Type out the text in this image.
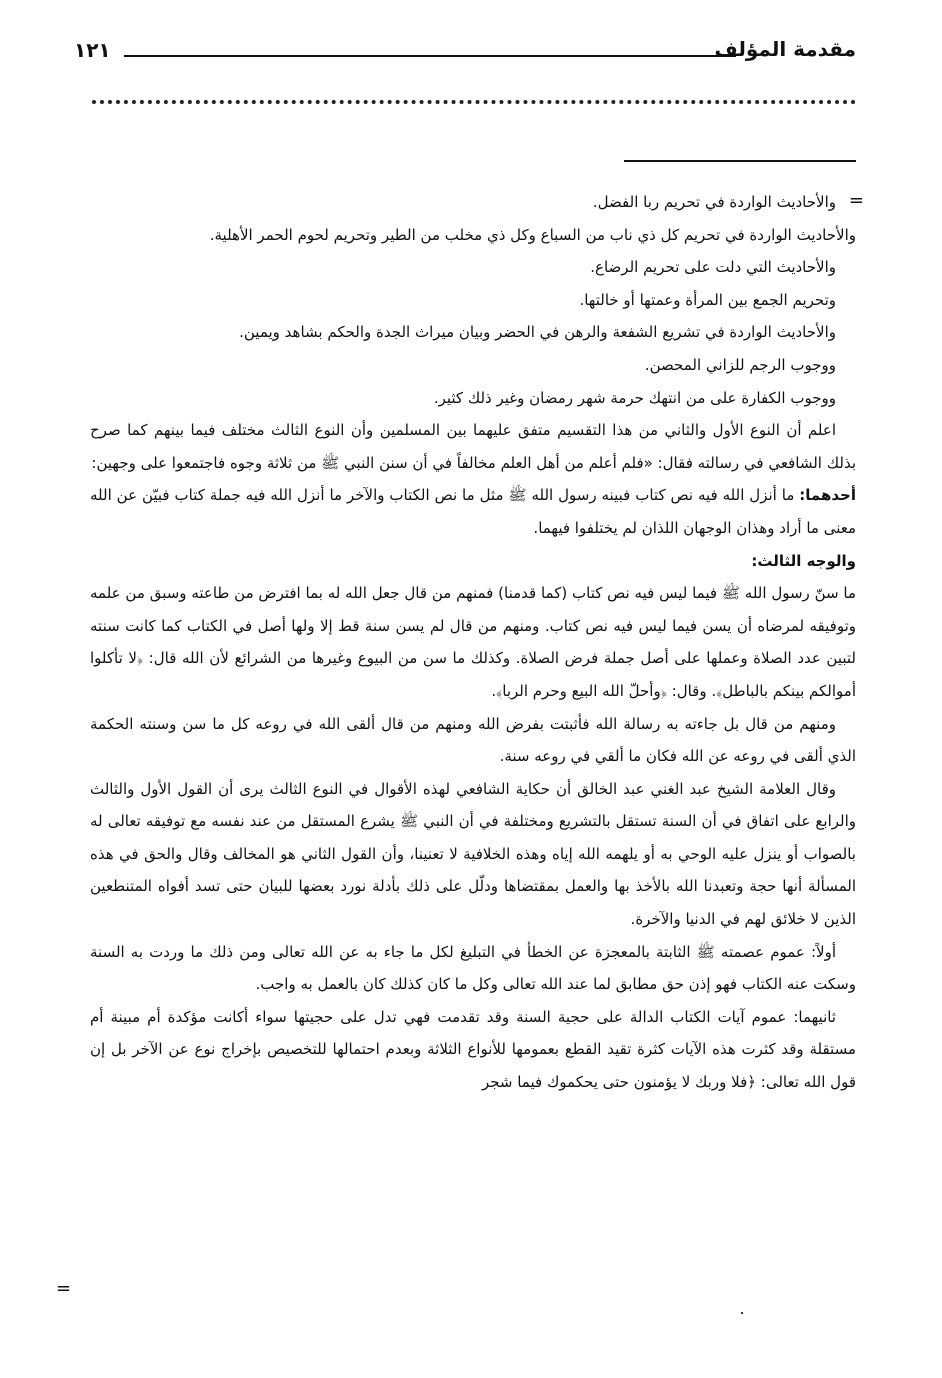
مقدمة المؤلف
١٢١
=
=

والأحاديث الواردة في تحريم ربا الفضل.

والأحاديث الواردة في تحريم كل ذي ناب من السباع وكل ذي مخلب من الطير وتحريم لحوم الحمر الأهلية.

والأحاديث التي دلت على تحريم الرضاع.

وتحريم الجمع بين المرأة وعمتها أو خالتها.

والأحاديث الواردة في تشريع الشفعة والرهن في الحضر وبيان ميراث الجدة والحكم بشاهد ويمين.

ووجوب الرجم للزاني المحصن.

ووجوب الكفارة على من انتهك حرمة شهر رمضان وغير ذلك كثير.

اعلم أن النوع الأول والثاني من هذا التقسيم متفق عليهما بين المسلمين وأن النوع الثالث مختلف فيما بينهم كما صرح بذلك الشافعي في رسالته فقال: «فلم أعلم من أهل العلم مخالفاً في أن سنن النبي ﷺ من ثلاثة وجوه فاجتمعوا على وجهين:

أحدهما: ما أنزل الله فيه نص كتاب فبينه رسول الله ﷺ مثل ما نص الكتاب والآخر ما أنزل الله فيه جملة كتاب فبيّن عن الله معنى ما أراد وهذان الوجهان اللذان لم يختلفوا فيهما.

والوجه الثالث:

ما سنّ رسول الله ﷺ فيما ليس فيه نص كتاب (كما قدمنا) فمنهم من قال جعل الله له بما افترض من طاعته وسبق من علمه وتوفيقه لمرضاه أن يسن فيما ليس فيه نص كتاب. ومنهم من قال لم يسن سنة قط إلا ولها أصل في الكتاب كما كانت سنته لتبين عدد الصلاة وعملها على أصل جملة فرض الصلاة. وكذلك ما سن من البيوع وغيرها من الشرائع لأن الله قال: ﴿لا تأكلوا أموالكم بينكم بالباطل﴾. وقال: ﴿وأحلّ الله البيع وحرم الربا﴾.

ومنهم من قال بل جاءته به رسالة الله فأثبتت بفرض الله ومنهم من قال ألقى الله في روعه كل ما سن وسنته الحكمة الذي ألقى في روعه عن الله فكان ما ألقي في روعه سنة.

وقال العلامة الشيخ عبد الغني عبد الخالق أن حكاية الشافعي لهذه الأقوال في النوع الثالث يرى أن القول الأول والثالث والرابع على اتفاق في أن السنة تستقل بالتشريع ومختلفة في أن النبي ﷺ يشرع المستقل من عند نفسه مع توفيقه تعالى له بالصواب أو ينزل عليه الوحي به أو يلهمه الله إياه وهذه الخلافية لا تعنينا، وأن القول الثاني هو المخالف وقال والحق في هذه المسألة أنها حجة وتعبدنا الله بالأخذ بها والعمل بمقتضاها ودلّل على ذلك بأدلة نورد بعضها للبيان حتى تسد أفواه المتنطعين الذين لا خلائق لهم في الدنيا والآخرة.

أولاً: عموم عصمته ﷺ الثابتة بالمعجزة عن الخطأ في التبليغ لكل ما جاء به عن الله تعالى ومن ذلك ما وردت به السنة وسكت عنه الكتاب فهو إذن حق مطابق لما عند الله تعالى وكل ما كان كذلك كان بالعمل به واجب.

ثانيهما: عموم آيات الكتاب الدالة على حجية السنة وقد تقدمت فهي تدل على حجيتها سواء أكانت مؤكدة أم مبينة أم مستقلة وقد كثرت هذه الآيات كثرة تقيد القطع بعمومها للأنواع الثلاثة وبعدم احتمالها للتخصيص بإخراج نوع عن الآخر بل إن قول الله تعالى: ﴿فلا وربك لا يؤمنون حتى يحكموك فيما شجر
